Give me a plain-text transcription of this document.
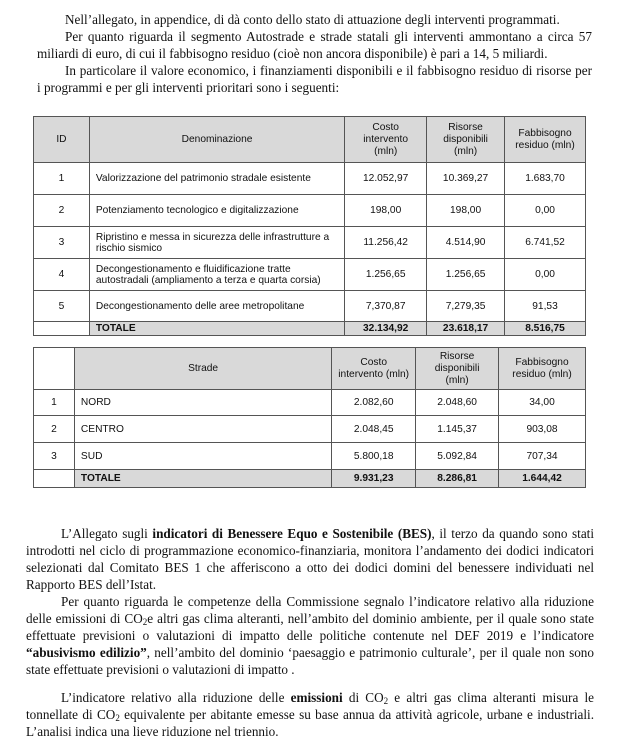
Nell’allegato, in appendice, di dà conto dello stato di attuazione degli interventi programmati.

Per quanto riguarda il segmento Autostrade e strade statali gli interventi ammontano a circa 57 miliardi di euro, di cui il fabbisogno residuo (cioè non ancora disponibile) è pari a 14, 5 miliardi.

In particolare il valore economico, i finanziamenti disponibili e il fabbisogno residuo di risorse per i programmi e per gli interventi prioritari sono i seguenti:

ID	Denominazione	Costo intervento (mln)	Risorse disponibili (mln)	Fabbisogno residuo (mln)
1	Valorizzazione del patrimonio stradale esistente	12.052,97	10.369,27	1.683,70
2	Potenziamento tecnologico e digitalizzazione	198,00	198,00	0,00
3	Ripristino e messa in sicurezza delle infrastrutture a rischio sismico	11.256,42	4.514,90	6.741,52
4	Decongestionamento e fluidificazione tratte autostradali (ampliamento a terza e quarta corsia)	1.256,65	1.256,65	0,00
5	Decongestionamento delle aree metropolitane	7,370,87	7,279,35	91,53
	TOTALE	32.134,92	23.618,17	8.516,75
	Strade	Costo intervento (mln)	Risorse disponibili (mln)	Fabbisogno residuo (mln)
1	NORD	2.082,60	2.048,60	34,00
2	CENTRO	2.048,45	1.145,37	903,08
3	SUD	5.800,18	5.092,84	707,34
	TOTALE	9.931,23	8.286,81	1.644,42

L’Allegato sugli indicatori di Benessere Equo e Sostenibile (BES), il terzo da quando sono stati introdotti nel ciclo di programmazione economico-finanziaria, monitora l’andamento dei dodici indicatori selezionati dal Comitato BES 1 che afferiscono a otto dei dodici domini del benessere individuati nel Rapporto BES dell’Istat.

Per quanto riguarda le competenze della Commissione segnalo l’indicatore relativo alla riduzione delle emissioni di $CO_2e$ altri gas clima alteranti, nell’ambito del dominio ambiente, per il quale sono state effettuate previsioni o valutazioni di impatto delle politiche contenute nel DEF 2019 e l’indicatore “abusivismo edilizio”, nell’ambito del dominio ‘paesaggio e patrimonio culturale’, per il quale non sono state effettuate previsioni o valutazioni di impatto .

L’indicatore relativo alla riduzione delle emissioni di $CO_2$ e altri gas clima alteranti misura le tonnellate di $CO_2$ equivalente per abitante emesse su base annua da attività agricole, urbane e industriali. L’analisi indica una lieve riduzione nel triennio.
